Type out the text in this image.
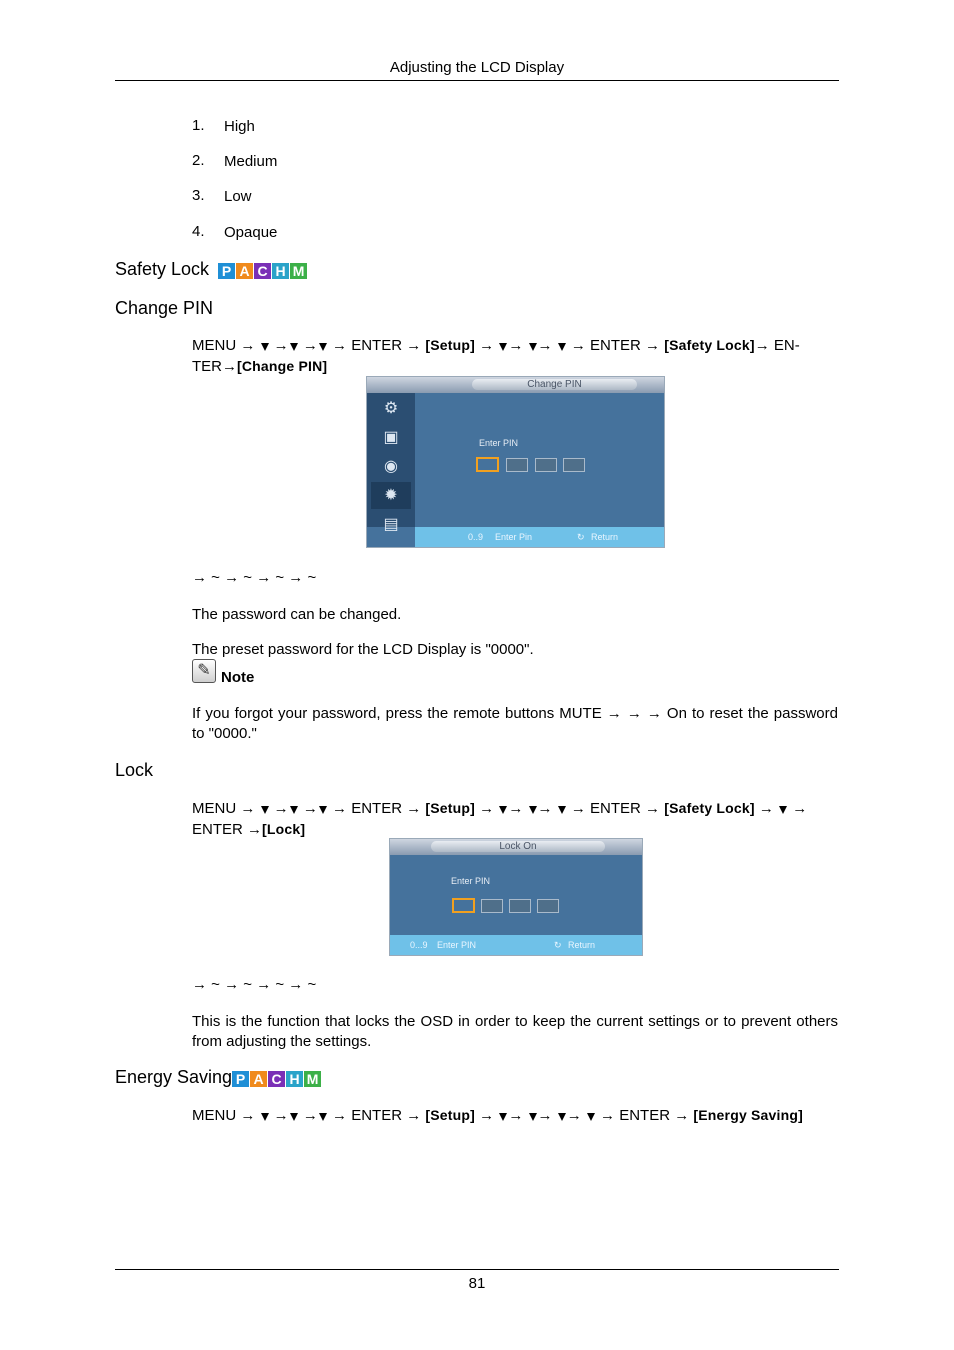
Adjusting the LCD Display
1. High
2. Medium
3. Low
4. Opaque
Safety Lock P A C H M
Change PIN
MENU →  → → → ENTER → [Setup] → → →  → ENTER → [Safety Lock]→ EN-
TER→[Change PIN]
Change PIN
⚙
▣
◉
✹
▤
Enter PIN
0..9 Enter Pin	↻ Return
→ ~ → ~ → ~ → ~
The password can be changed.
The preset password for the LCD Display is "0000".
✎ Note
If you forgot your password, press the remote buttons MUTE → → → On to reset the password to "0000."
Lock
MENU →  → → → ENTER → [Setup] → → →  → ENTER → [Safety Lock] →  →
ENTER →[Lock]
Lock On
Enter PIN
0...9 Enter PIN	↻ Return
→ ~ → ~ → ~ → ~
This is the function that locks the OSD in order to keep the current settings or to prevent others from adjusting the settings.
Energy Saving P A C H M
MENU →  → → → ENTER → [Setup] → → → →  → ENTER → [Energy Saving]
81
